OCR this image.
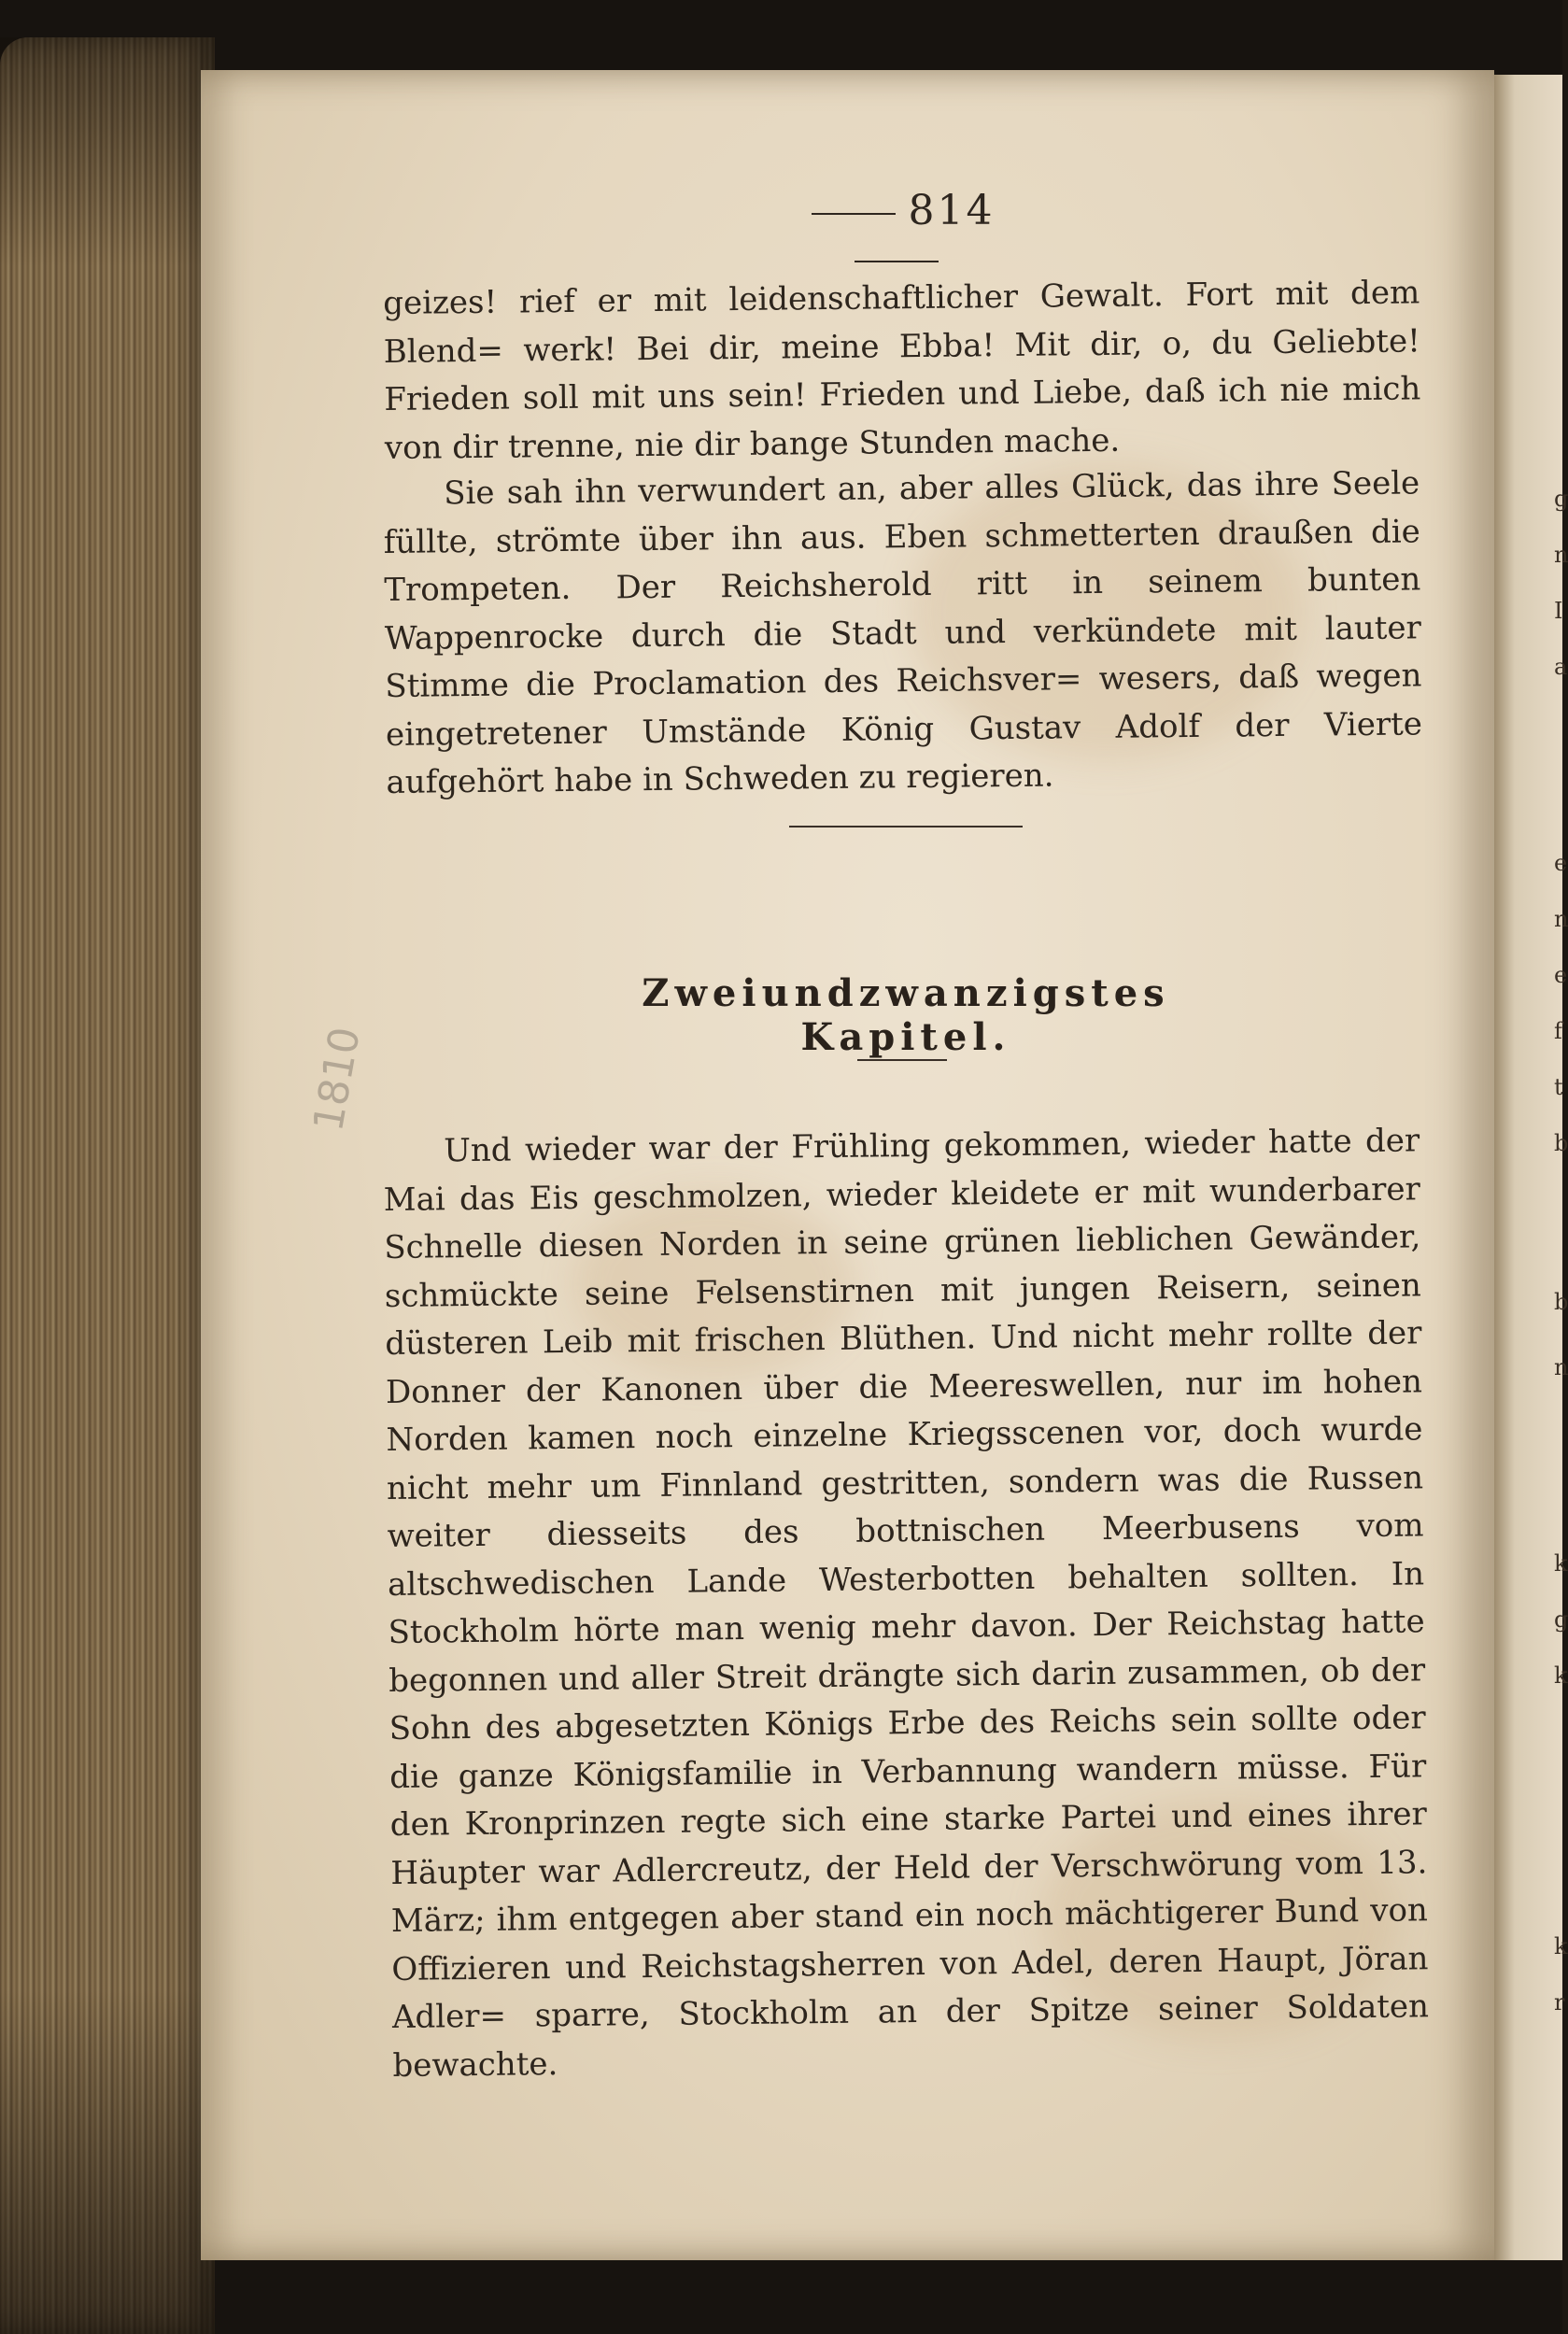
g
n
I
a
e
n
e
f
t
b
b
n
k
g
k
k
r
814
geizes! rief er mit leidenschaftlicher Gewalt. Fort mit dem Blend= werk! Bei dir, meine Ebba! Mit dir, o, du Geliebte! Frieden soll mit uns sein! Frieden und Liebe, daß ich nie mich von dir trenne, nie dir bange Stunden mache.
Sie sah ihn verwundert an, aber alles Glück, das ihre Seele füllte, strömte über ihn aus. Eben schmetterten draußen die Trompeten. Der Reichsherold ritt in seinem bunten Wappenrocke durch die Stadt und verkündete mit lauter Stimme die Proclamation des Reichsver= wesers, daß wegen eingetretener Umstände König Gustav Adolf der Vierte aufgehört habe in Schweden zu regieren.
Zweiundzwanzigstes Kapitel.
1810
Und wieder war der Frühling gekommen, wieder hatte der Mai das Eis geschmolzen, wieder kleidete er mit wunderbarer Schnelle diesen Norden in seine grünen lieblichen Gewänder, schmückte seine Felsenstirnen mit jungen Reisern, seinen düsteren Leib mit frischen Blüthen. Und nicht mehr rollte der Donner der Kanonen über die Meereswellen, nur im hohen Norden kamen noch einzelne Kriegsscenen vor, doch wurde nicht mehr um Finnland gestritten, sondern was die Russen weiter diesseits des bottnischen Meerbusens vom altschwedischen Lande Westerbotten behalten sollten. In Stockholm hörte man wenig mehr davon. Der Reichstag hatte begonnen und aller Streit drängte sich darin zusammen, ob der Sohn des abgesetzten Königs Erbe des Reichs sein sollte oder die ganze Königsfamilie in Verbannung wandern müsse. Für den Kronprinzen regte sich eine starke Partei und eines ihrer Häupter war Adlercreutz, der Held der Verschwörung vom 13. März; ihm entgegen aber stand ein noch mächtigerer Bund von Offizieren und Reichstagsherren von Adel, deren Haupt, Jöran Adler= sparre, Stockholm an der Spitze seiner Soldaten bewachte.
